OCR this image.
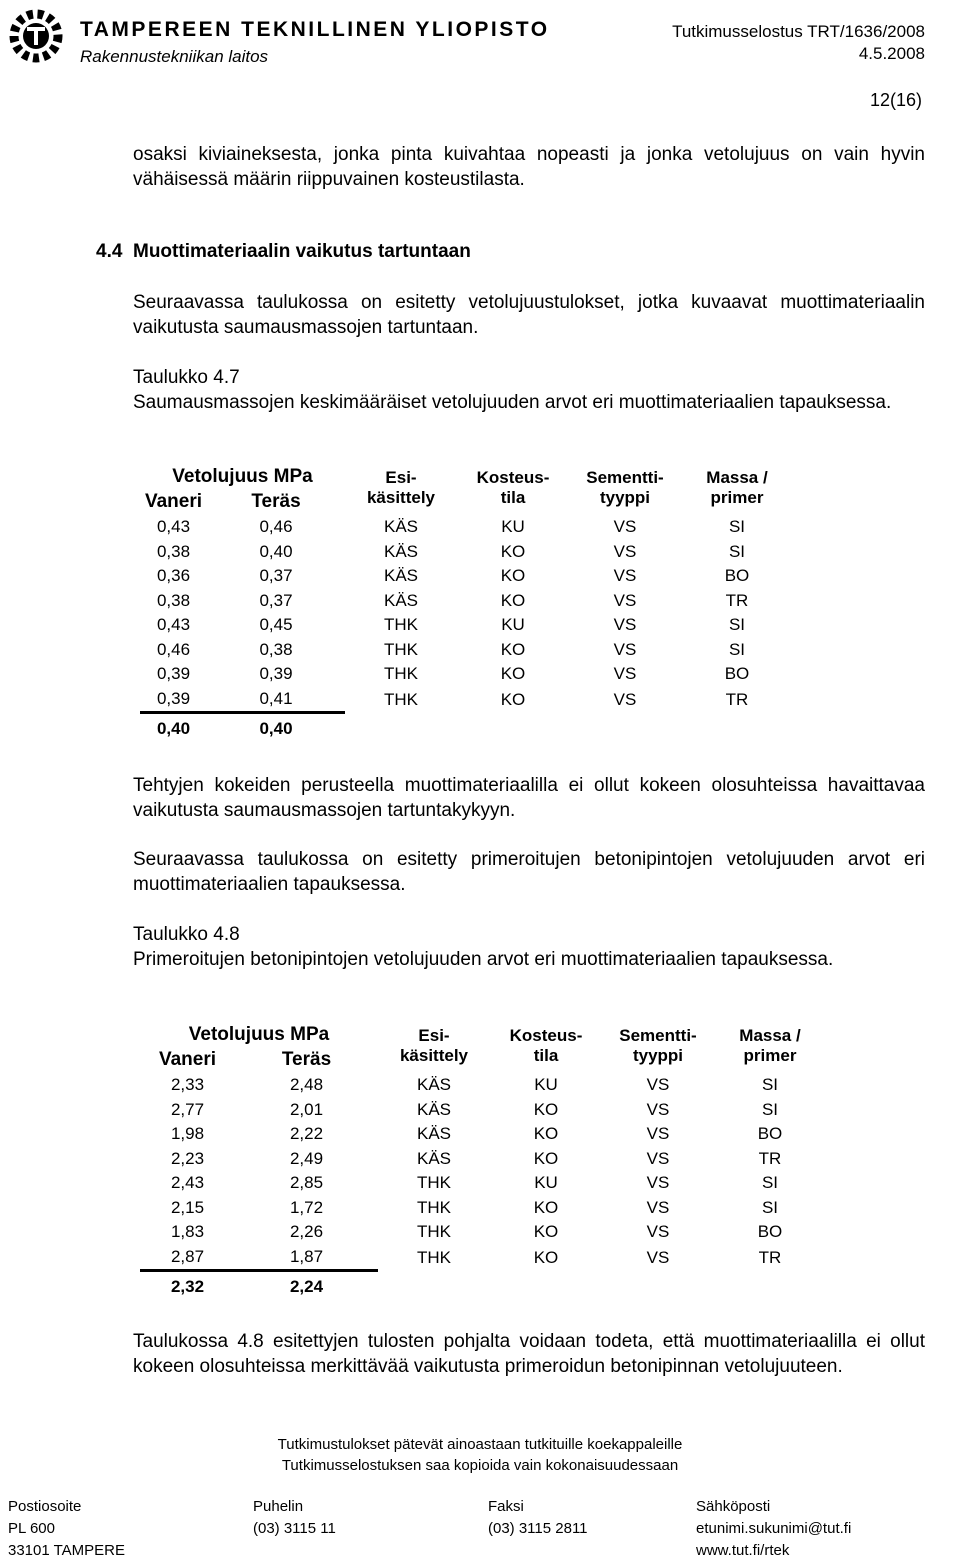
TAMPEREEN TEKNILLINEN YLIOPISTO
Rakennustekniikan laitos
Tutkimusselostus TRT/1636/2008
4.5.2008
12(16)
osaksi kiviaineksesta, jonka pinta kuivahtaa nopeasti ja jonka vetolujuus on vain hyvin vähäisessä määrin riippuvainen kosteustilasta.
4.4 Muottimateriaalin vaikutus tartuntaan
Seuraavassa taulukossa on esitetty vetolujuustulokset, jotka kuvaavat muottimateriaalin vaikutusta saumausmassojen tartuntaan.
Taulukko 4.7
Saumausmassojen keskimääräiset vetolujuuden arvot eri muottimateriaalien tapauksessa.
Vetolujuus MPa		Esi-	Kosteus-	Sementti-	Massa /
Vaneri	Teräs	käsittely	tila	tyyppi	primer
0,43	0,46	KÄS	KU	VS	SI
0,38	0,40	KÄS	KO	VS	SI
0,36	0,37	KÄS	KO	VS	BO
0,38	0,37	KÄS	KO	VS	TR
0,43	0,45	THK	KU	VS	SI
0,46	0,38	THK	KO	VS	SI
0,39	0,39	THK	KO	VS	BO
0,39	0,41	THK	KO	VS	TR
0,40	0,40				
Tehtyjen kokeiden perusteella muottimateriaalilla ei ollut kokeen olosuhteissa havaittavaa vaikutusta saumausmassojen tartuntakykyyn.
Seuraavassa taulukossa on esitetty primeroitujen betonipintojen vetolujuuden arvot eri muottimateriaalien tapauksessa.
Taulukko 4.8
Primeroitujen betonipintojen vetolujuuden arvot eri muottimateriaalien tapauksessa.
Vetolujuus MPa		Esi-	Kosteus-	Sementti-	Massa /
Vaneri	Teräs	käsittely	tila	tyyppi	primer
2,33	2,48	KÄS	KU	VS	SI
2,77	2,01	KÄS	KO	VS	SI
1,98	2,22	KÄS	KO	VS	BO
2,23	2,49	KÄS	KO	VS	TR
2,43	2,85	THK	KU	VS	SI
2,15	1,72	THK	KO	VS	SI
1,83	2,26	THK	KO	VS	BO
2,87	1,87	THK	KO	VS	TR
2,32	2,24				
Taulukossa 4.8 esitettyjen tulosten pohjalta voidaan todeta, että muottimateriaalilla ei ollut kokeen olosuhteissa merkittävää vaikutusta primeroidun betonipinnan vetolujuuteen.
Tutkimustulokset pätevät ainoastaan tutkituille koekappaleille
Tutkimusselostuksen saa kopioida vain kokonaisuudessaan
Postiosoite
PL 600
33101 TAMPERE
Puhelin
(03) 3115 11
Faksi
(03) 3115 2811
Sähköposti
etunimi.sukunimi@tut.fi
www.tut.fi/rtek
